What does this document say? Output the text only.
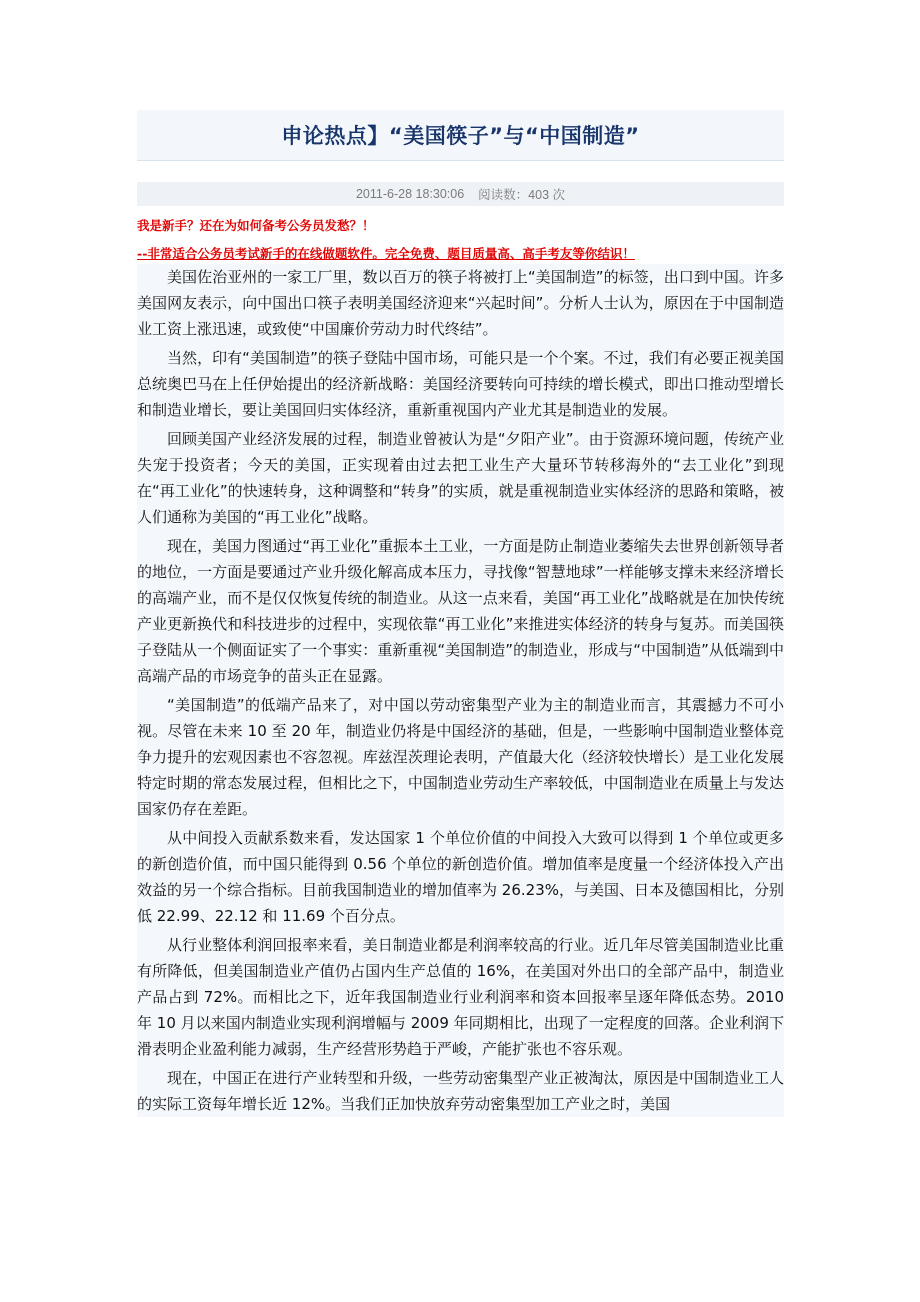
申论热点】“美国筷子”与“中国制造”
2011-6-28 18:30:06 阅读数：403 次
我是新手？还在为如何备考公务员发愁？！
--非常适合公务员考试新手的在线做题软件。完全免费、题目质量高、高手考友等你结识！

美国佐治亚州的一家工厂里，数以百万的筷子将被打上“美国制造”的标签，出口到中国。许多美国网友表示，向中国出口筷子表明美国经济迎来“兴起时间”。分析人士认为，原因在于中国制造业工资上涨迅速，或致使“中国廉价劳动力时代终结”。

当然，印有“美国制造”的筷子登陆中国市场，可能只是一个个案。不过，我们有必要正视美国总统奥巴马在上任伊始提出的经济新战略：美国经济要转向可持续的增长模式，即出口推动型增长和制造业增长，要让美国回归实体经济，重新重视国内产业尤其是制造业的发展。

回顾美国产业经济发展的过程，制造业曾被认为是“夕阳产业”。由于资源环境问题，传统产业失宠于投资者；今天的美国，正实现着由过去把工业生产大量环节转移海外的“去工业化”到现在“再工业化”的快速转身，这种调整和“转身”的实质，就是重视制造业实体经济的思路和策略，被人们通称为美国的“再工业化”战略。

现在，美国力图通过“再工业化”重振本土工业，一方面是防止制造业萎缩失去世界创新领导者的地位，一方面是要通过产业升级化解高成本压力，寻找像“智慧地球”一样能够支撑未来经济增长的高端产业，而不是仅仅恢复传统的制造业。从这一点来看，美国“再工业化”战略就是在加快传统产业更新换代和科技进步的过程中，实现依靠“再工业化”来推进实体经济的转身与复苏。而美国筷子登陆从一个侧面证实了一个事实：重新重视“美国制造”的制造业，形成与“中国制造”从低端到中高端产品的市场竞争的苗头正在显露。

“美国制造”的低端产品来了，对中国以劳动密集型产业为主的制造业而言，其震撼力不可小视。尽管在未来 10 至 20 年，制造业仍将是中国经济的基础，但是，一些影响中国制造业整体竞争力提升的宏观因素也不容忽视。库兹涅茨理论表明，产值最大化（经济较快增长）是工业化发展特定时期的常态发展过程，但相比之下，中国制造业劳动生产率较低，中国制造业在质量上与发达国家仍存在差距。

从中间投入贡献系数来看，发达国家 1 个单位价值的中间投入大致可以得到 1 个单位或更多的新创造价值，而中国只能得到 0.56 个单位的新创造价值。增加值率是度量一个经济体投入产出效益的另一个综合指标。目前我国制造业的增加值率为 26.23%，与美国、日本及德国相比，分别低 22.99、22.12 和 11.69 个百分点。

从行业整体利润回报率来看，美日制造业都是利润率较高的行业。近几年尽管美国制造业比重有所降低，但美国制造业产值仍占国内生产总值的 16%，在美国对外出口的全部产品中，制造业产品占到 72%。而相比之下，近年我国制造业行业利润率和资本回报率呈逐年降低态势。2010 年 10 月以来国内制造业实现利润增幅与 2009 年同期相比，出现了一定程度的回落。企业利润下滑表明企业盈利能力减弱，生产经营形势趋于严峻，产能扩张也不容乐观。

现在，中国正在进行产业转型和升级，一些劳动密集型产业正被淘汰，原因是中国制造业工人的实际工资每年增长近 12%。当我们正加快放弃劳动密集型加工产业之时，美国
